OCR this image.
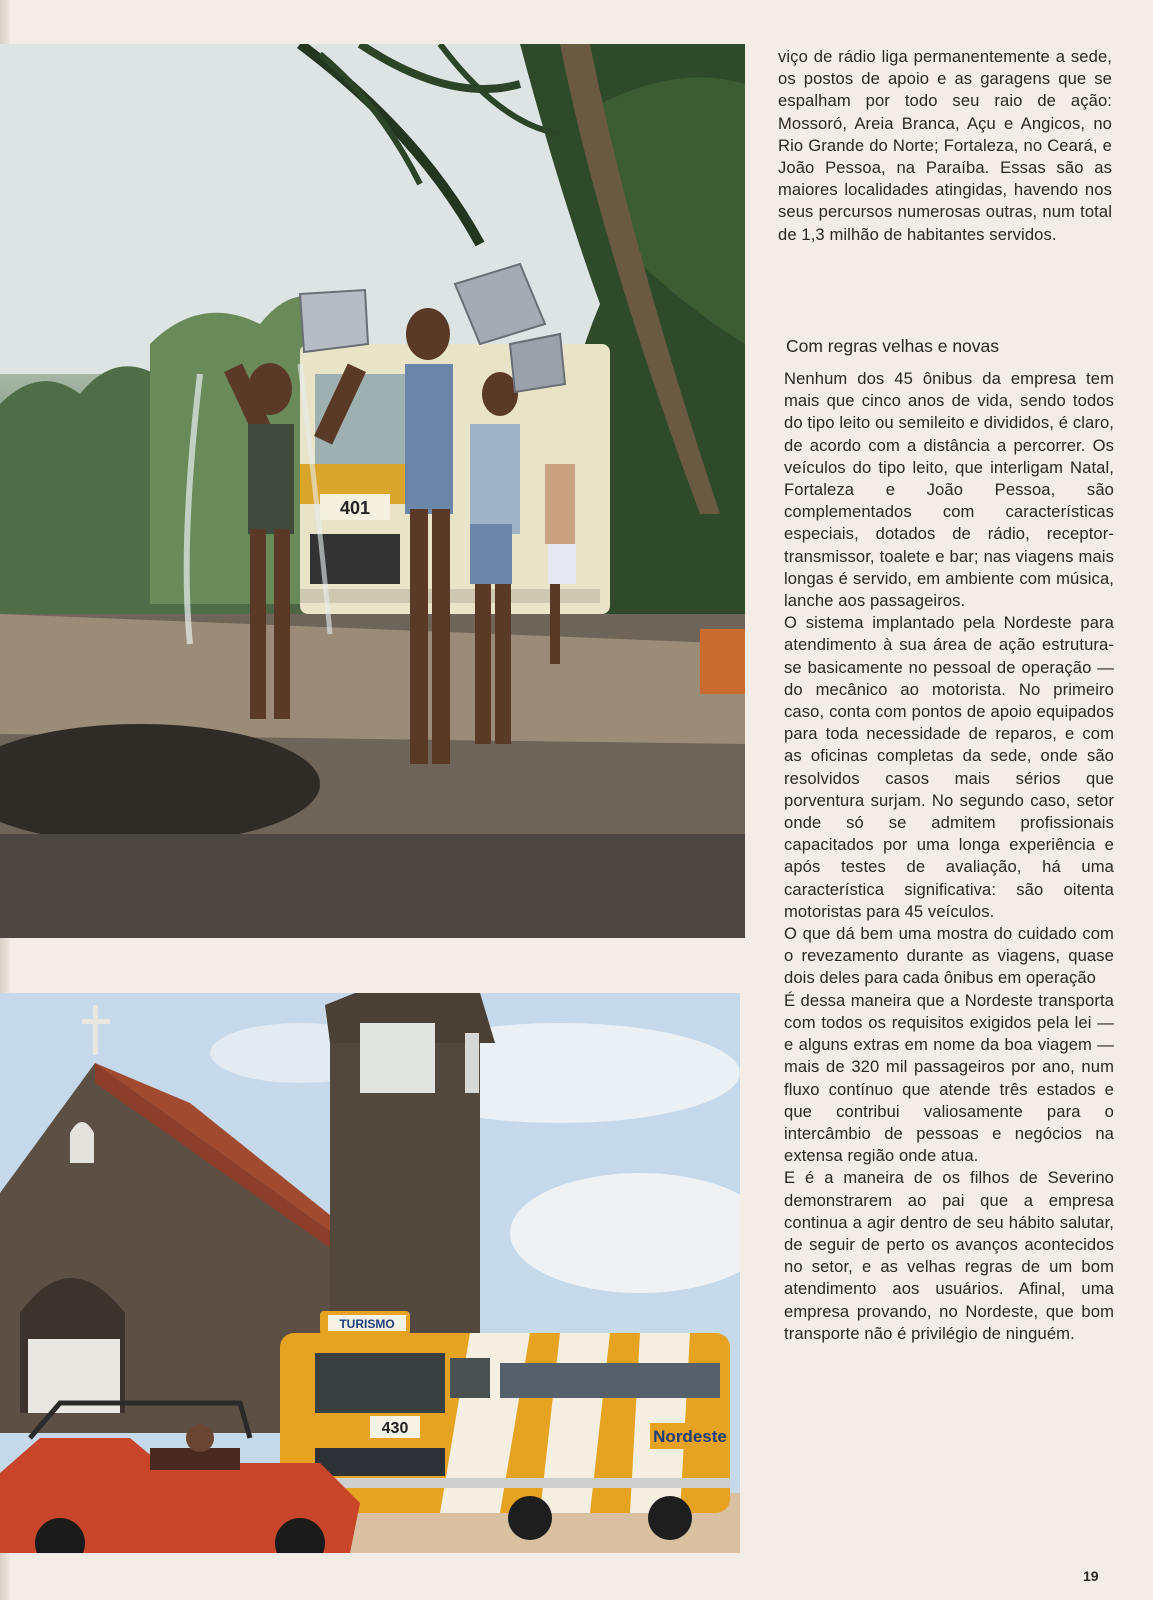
401
TURISMO
430	Nordeste

viço de rádio liga permanentemente a sede, os postos de apoio e as garagens que se espalham por todo seu raio de ação: Mossoró, Areia Branca, Açu e Angicos, no Rio Grande do Norte; Fortaleza, no Ceará, e João Pessoa, na Paraíba. Essas são as maiores localidades atingidas, havendo nos seus percursos numerosas outras, num total de 1,3 milhão de habitantes servidos.

Com regras velhas e novas

Nenhum dos 45 ônibus da empresa tem mais que cinco anos de vida, sendo todos do tipo leito ou semileito e divididos, é claro, de acordo com a distância a percorrer. Os veículos do tipo leito, que interligam Natal, Fortaleza e João Pessoa, são complementados com características especiais, dotados de rádio, receptor-transmissor, toalete e bar; nas viagens mais longas é servido, em ambiente com música, lanche aos passageiros.

O sistema implantado pela Nordeste para atendimento à sua área de ação estrutura-se basicamente no pessoal de operação — do mecânico ao motorista. No primeiro caso, conta com pontos de apoio equipados para toda necessidade de reparos, e com as oficinas completas da sede, onde são resolvidos casos mais sérios que porventura surjam. No segundo caso, setor onde só se admitem profissionais capacitados por uma longa experiência e após testes de avaliação, há uma característica significativa: são oitenta motoristas para 45 veículos.

O que dá bem uma mostra do cuidado com o revezamento durante as viagens, quase dois deles para cada ônibus em operação

É dessa maneira que a Nordeste transporta com todos os requisitos exigidos pela lei — e alguns extras em nome da boa viagem — mais de 320 mil passageiros por ano, num fluxo contínuo que atende três estados e que contribui valiosamente para o intercâmbio de pessoas e negócios na extensa região onde atua.

E é a maneira de os filhos de Severino demonstrarem ao pai que a empresa continua a agir dentro de seu hábito salutar, de seguir de perto os avanços acontecidos no setor, e as velhas regras de um bom atendimento aos usuários. Afinal, uma empresa provando, no Nordeste, que bom transporte não é privilégio de ninguém.

19
